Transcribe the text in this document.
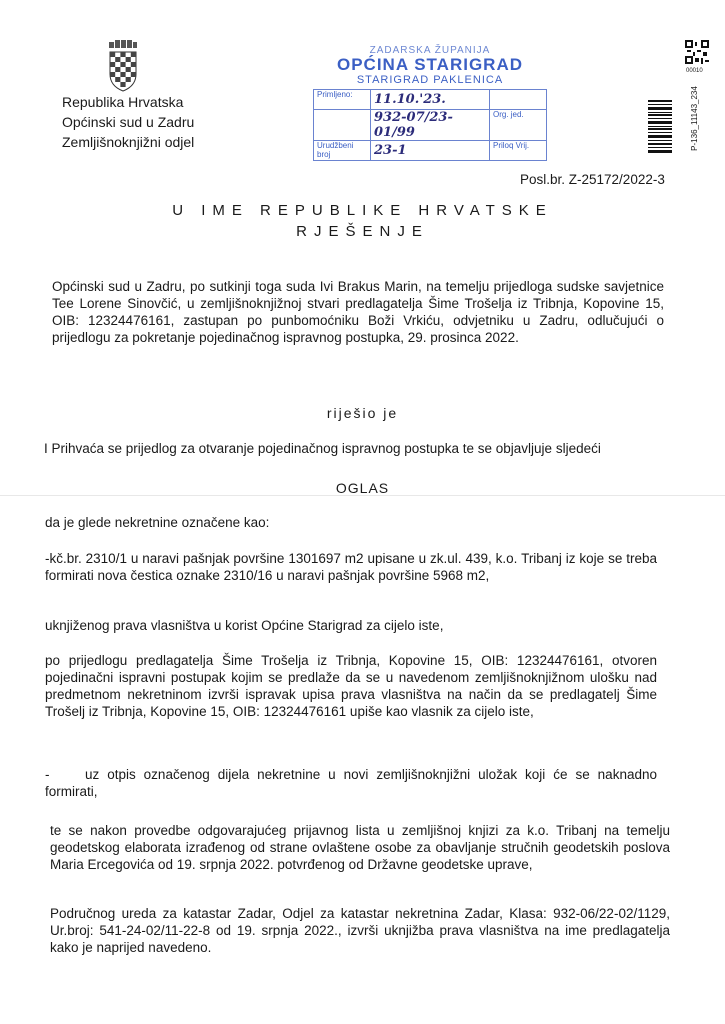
Republika Hrvatska
Općinski sud u Zadru
Zemljišnoknjižni odjel
ZADARSKA ŽUPANIJA
OPĆINA STARIGRAD
STARIGRAD PAKLENICA
Primljeno:	11.10.'23.	
	932-07/23-01/99	Org. jed.
Urudžbeni broj	23-1	Priloq Vrij.
00010
P-136_11143_234
Posl.br. Z-25172/2022-3
U IME REPUBLIKE HRVATSKE
RJEŠENJE
Općinski sud u Zadru, po sutkinji toga suda Ivi Brakus Marin, na temelju prijedloga sudske savjetnice Tee Lorene Sinovčić, u zemljišnoknjižnoj stvari predlagatelja Šime Trošelja iz Tribnja, Kopovine 15, OIB: 12324476161, zastupan po punbomoćniku Boži Vrkiću, odvjetniku u Zadru, odlučujući o prijedlogu za pokretanje pojedinačnog ispravnog postupka, 29. prosinca 2022.
riješio je
I Prihvaća se prijedlog za otvaranje pojedinačnog ispravnog postupka te se objavljuje sljedeći
OGLAS
da je glede nekretnine označene kao:
-kč.br. 2310/1 u naravi pašnjak površine 1301697 m2 upisane u zk.ul. 439, k.o. Tribanj iz koje se treba formirati nova čestica oznake 2310/16 u naravi pašnjak površine 5968 m2,
uknjiženog prava vlasništva u korist Općine Starigrad za cijelo iste,
po prijedlogu predlagatelja Šime Trošelja iz Tribnja, Kopovine 15, OIB: 12324476161, otvoren pojedinačni ispravni postupak kojim se predlaže da se u navedenom zemljišnoknjižnom ulošku nad predmetnom nekretninom izvrši ispravak upisa prava vlasništva na način da se predlagatelj Šime Trošelj iz Tribnja, Kopovine 15, OIB: 12324476161 upiše kao vlasnik za cijelo iste,
-	uz otpis označenog dijela nekretnine u novi zemljišnoknjižni uložak koji će se naknadno formirati,
te se nakon provedbe odgovarajućeg prijavnog lista u zemljišnoj knjizi za k.o. Tribanj na temelju geodetskog elaborata izrađenog od strane ovlaštene osobe za obavljanje stručnih geodetskih poslova Maria Ercegovića od 19. srpnja 2022. potvrđenog od Državne geodetske uprave,
Područnog ureda za katastar Zadar, Odjel za katastar nekretnina Zadar, Klasa: 932-06/22-02/1129, Ur.broj: 541-24-02/11-22-8 od 19. srpnja 2022., izvrši uknjižba prava vlasništva na ime predlagatelja kako je naprijed navedeno.
